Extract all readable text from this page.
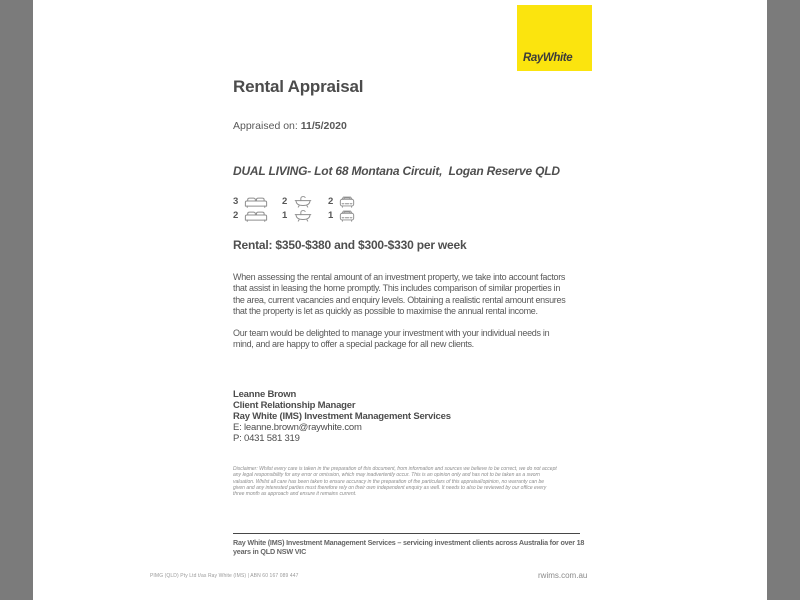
RayWhite
Rental Appraisal
Appraised on: 11/5/2020
DUAL LIVING- Lot 68 Montana Circuit,  Logan Reserve QLD
3	2	2
2	1	1
Rental: $350-$380 and $300-$330 per week
When assessing the rental amount of an investment property, we take into account factors
that assist in leasing the home promptly. This includes comparison of similar properties in
the area, current vacancies and enquiry levels. Obtaining a realistic rental amount ensures
that the property is let as quickly as possible to maximise the annual rental income.
Our team would be delighted to manage your investment with your individual needs in
mind, and are happy to offer a special package for all new clients.
Leanne Brown
Client Relationship Manager
Ray White (IMS) Investment Management Services
E: leanne.brown@raywhite.com
P: 0431 581 319
Disclaimer: Whilst every care is taken in the preparation of this document, from information and sources we believe to be correct, we do not accept any legal responsibility for any error or omission, which may inadvertently occur. This is an opinion only and has not to be taken as a sworn valuation. Whilst all care has been taken to ensure accuracy in the preparation of the particulars of this appraisal/opinion, no warranty can be given and any interested parties must therefore rely on their own independent enquiry as well. It needs to also be reviewed by our office every three month as approach and ensure it remains current.
Ray White (IMS) Investment Management Services – servicing investment clients across Australia for over 18
years in QLD NSW VIC
PIMG (QLD) Pty Ltd t/as Ray White (IMS) | ABN 60 167 089 447	rwims.com.au
